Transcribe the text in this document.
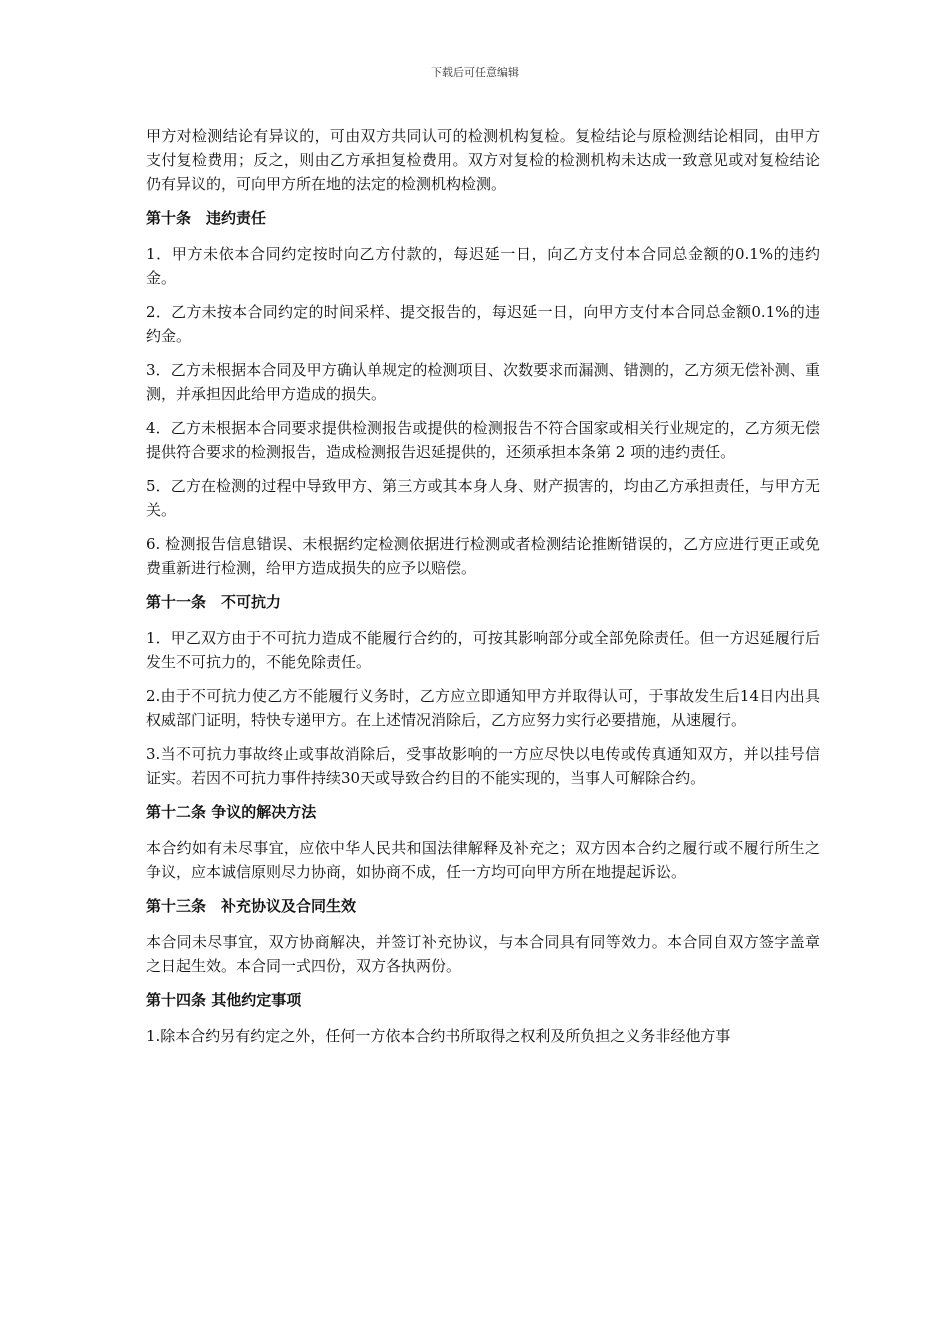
下载后可任意编辑

甲方对检测结论有异议的，可由双方共同认可的检测机构复检。复检结论与原检测结论相同，由甲方支付复检费用；反之，则由乙方承担复检费用。双方对复检的检测机构未达成一致意见或对复检结论仍有异议的，可向甲方所在地的法定的检测机构检测。

第十条　违约责任

1．甲方未依本合同约定按时向乙方付款的，每迟延一日，向乙方支付本合同总金额的0.1%的违约金。

2．乙方未按本合同约定的时间采样、提交报告的，每迟延一日，向甲方支付本合同总金额0.1%的违约金。

3．乙方未根据本合同及甲方确认单规定的检测项目、次数要求而漏测、错测的，乙方须无偿补测、重测，并承担因此给甲方造成的损失。

4．乙方未根据本合同要求提供检测报告或提供的检测报告不符合国家或相关行业规定的，乙方须无偿提供符合要求的检测报告，造成检测报告迟延提供的，还须承担本条第 2 项的违约责任。

5．乙方在检测的过程中导致甲方、第三方或其本身人身、财产损害的，均由乙方承担责任，与甲方无关。

6. 检测报告信息错误、未根据约定检测依据进行检测或者检测结论推断错误的，乙方应进行更正或免费重新进行检测，给甲方造成损失的应予以赔偿。

第十一条　不可抗力

1．甲乙双方由于不可抗力造成不能履行合约的，可按其影响部分或全部免除责任。但一方迟延履行后发生不可抗力的，不能免除责任。

2.由于不可抗力使乙方不能履行义务时，乙方应立即通知甲方并取得认可，于事故发生后14日内出具权威部门证明，特快专递甲方。在上述情况消除后，乙方应努力实行必要措施，从速履行。

3.当不可抗力事故终止或事故消除后，受事故影响的一方应尽快以电传或传真通知双方，并以挂号信证实。若因不可抗力事件持续30天或导致合约目的不能实现的，当事人可解除合约。

第十二条 争议的解决方法

本合约如有未尽事宜，应依中华人民共和国法律解释及补充之；双方因本合约之履行或不履行所生之争议，应本诚信原则尽力协商，如协商不成，任一方均可向甲方所在地提起诉讼。

第十三条　补充协议及合同生效

本合同未尽事宜，双方协商解决，并签订补充协议，与本合同具有同等效力。本合同自双方签字盖章之日起生效。本合同一式四份，双方各执两份。

第十四条 其他约定事项

1.除本合约另有约定之外，任何一方依本合约书所取得之权利及所负担之义务非经他方事
